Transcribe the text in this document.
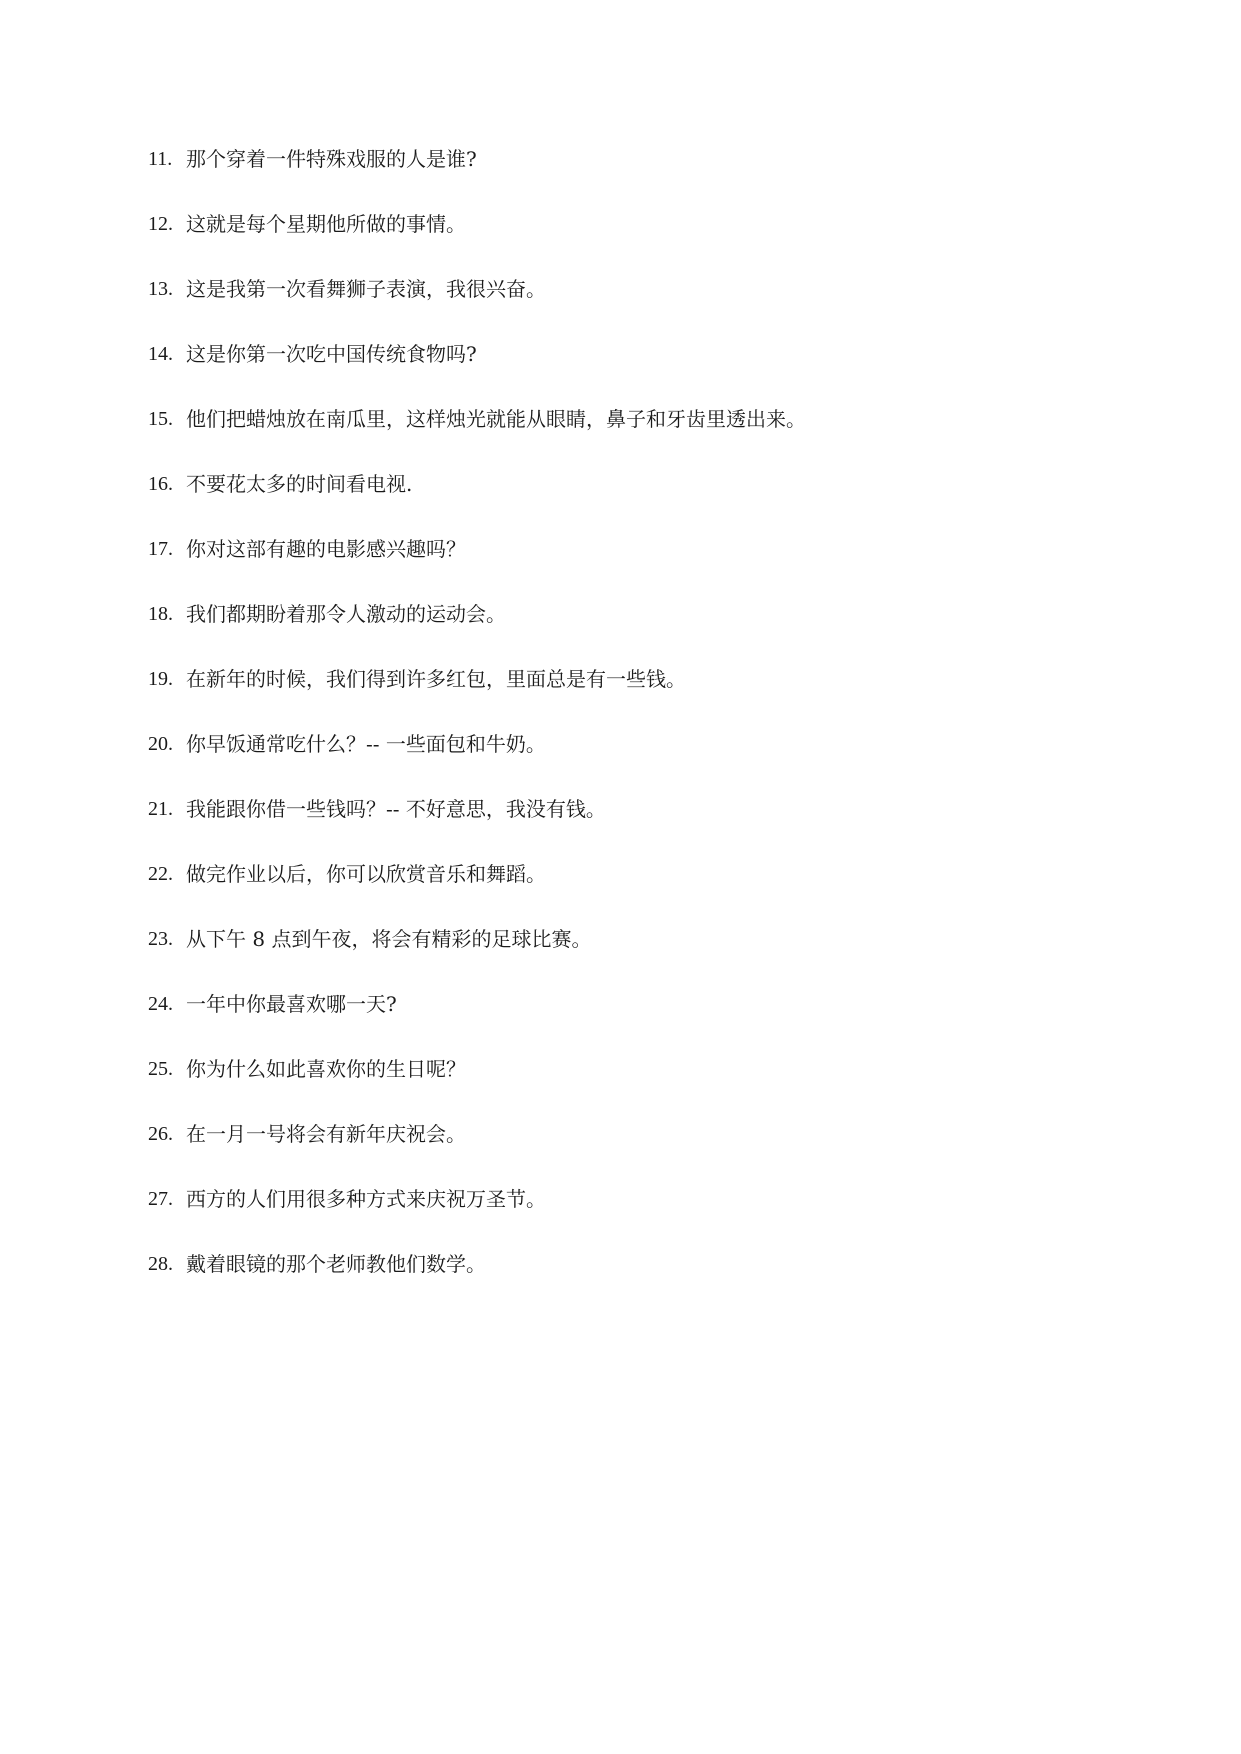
11. 那个穿着一件特殊戏服的人是谁?
12. 这就是每个星期他所做的事情。
13. 这是我第一次看舞狮子表演，我很兴奋。
14. 这是你第一次吃中国传统食物吗?
15. 他们把蜡烛放在南瓜里，这样烛光就能从眼睛，鼻子和牙齿里透出来。
16. 不要花太多的时间看电视.
17. 你对这部有趣的电影感兴趣吗？
18. 我们都期盼着那令人激动的运动会。
19. 在新年的时候，我们得到许多红包，里面总是有一些钱。
20. 你早饭通常吃什么？-- 一些面包和牛奶。
21. 我能跟你借一些钱吗？-- 不好意思，我没有钱。
22. 做完作业以后，你可以欣赏音乐和舞蹈。
23. 从下午 8 点到午夜，将会有精彩的足球比赛。
24. 一年中你最喜欢哪一天?
25. 你为什么如此喜欢你的生日呢？
26. 在一月一号将会有新年庆祝会。
27. 西方的人们用很多种方式来庆祝万圣节。
28. 戴着眼镜的那个老师教他们数学。
